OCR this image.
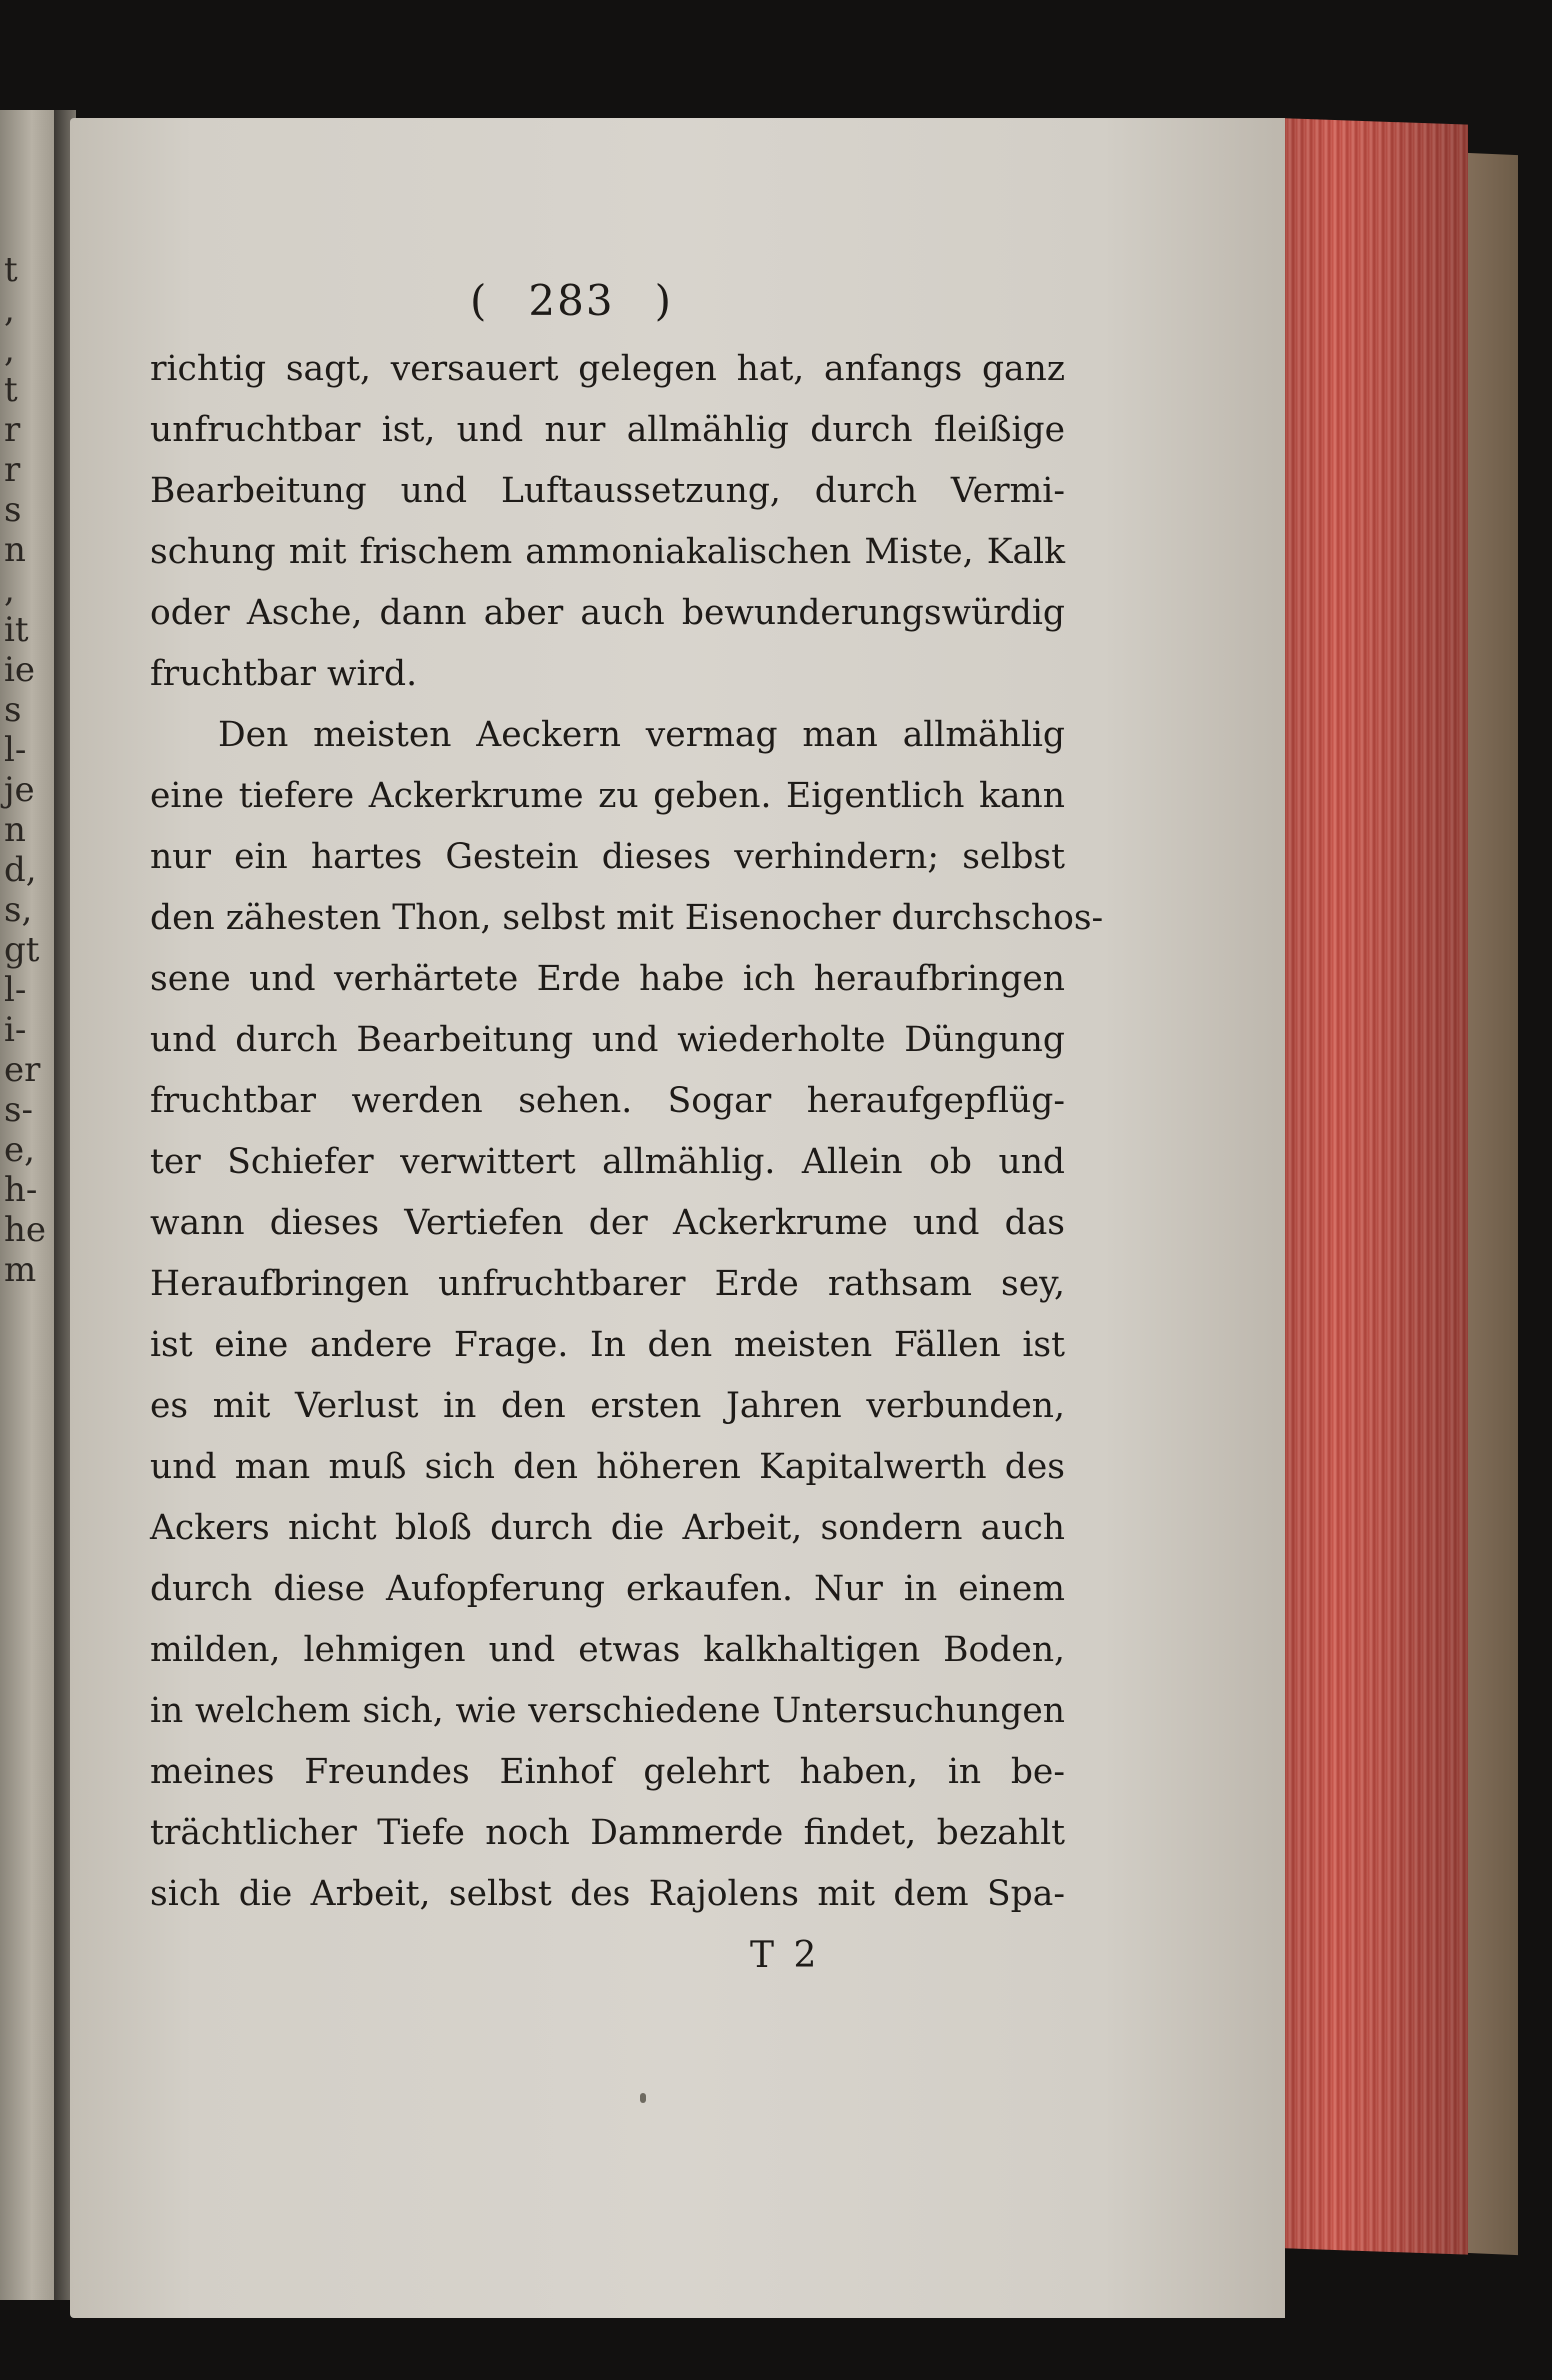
t
,
,
t
r
r
s
n
,
it
ie
s
l-
je
n
d,
s,
gt
l-
i-
er
s-
e,
h-
he
m
( 283 )
richtig sagt, versauert gelegen hat, anfangs ganz
unfruchtbar ist, und nur allmählig durch fleißige
Bearbeitung und Luftaussetzung, durch Vermi-
schung mit frischem ammoniakalischen Miste, Kalk
oder Asche, dann aber auch bewunderungswürdig
fruchtbar wird.
Den meisten Aeckern vermag man allmählig
eine tiefere Ackerkrume zu geben. Eigentlich kann
nur ein hartes Gestein dieses verhindern; selbst
den zähesten Thon, selbst mit Eisenocher durchschos-
sene und verhärtete Erde habe ich heraufbringen
und durch Bearbeitung und wiederholte Düngung
fruchtbar werden sehen. Sogar heraufgepflüg-
ter Schiefer verwittert allmählig. Allein ob und
wann dieses Vertiefen der Ackerkrume und das
Heraufbringen unfruchtbarer Erde rathsam sey,
ist eine andere Frage. In den meisten Fällen ist
es mit Verlust in den ersten Jahren verbunden,
und man muß sich den höheren Kapitalwerth des
Ackers nicht bloß durch die Arbeit, sondern auch
durch diese Aufopferung erkaufen. Nur in einem
milden, lehmigen und etwas kalkhaltigen Boden,
in welchem sich, wie verschiedene Untersuchungen
meines Freundes Einhof gelehrt haben, in be-
trächtlicher Tiefe noch Dammerde findet, bezahlt
sich die Arbeit, selbst des Rajolens mit dem Spa-
T 2
